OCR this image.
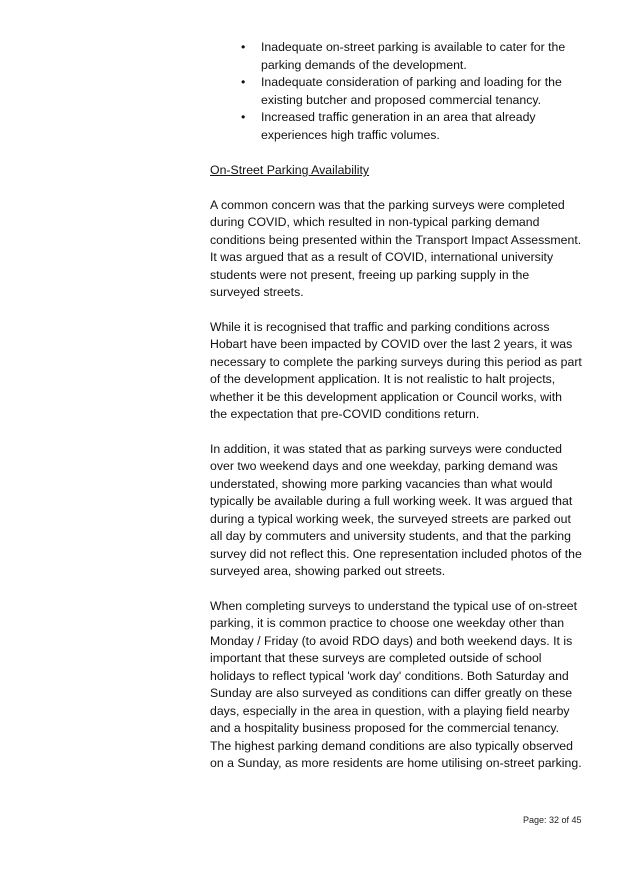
• Inadequate on-street parking is available to cater for the parking demands of the development.
• Inadequate consideration of parking and loading for the existing butcher and proposed commercial tenancy.
• Increased traffic generation in an area that already experiences high traffic volumes.
On-Street Parking Availability

A common concern was that the parking surveys were completed during COVID, which resulted in non-typical parking demand conditions being presented within the Transport Impact Assessment. It was argued that as a result of COVID, international university students were not present, freeing up parking supply in the surveyed streets.

While it is recognised that traffic and parking conditions across Hobart have been impacted by COVID over the last 2 years, it was necessary to complete the parking surveys during this period as part of the development application. It is not realistic to halt projects, whether it be this development application or Council works, with the expectation that pre-COVID conditions return.

In addition, it was stated that as parking surveys were conducted over two weekend days and one weekday, parking demand was understated, showing more parking vacancies than what would typically be available during a full working week. It was argued that during a typical working week, the surveyed streets are parked out all day by commuters and university students, and that the parking survey did not reflect this. One representation included photos of the surveyed area, showing parked out streets.

When completing surveys to understand the typical use of on-street parking, it is common practice to choose one weekday other than Monday / Friday (to avoid RDO days) and both weekend days. It is important that these surveys are completed outside of school holidays to reflect typical 'work day' conditions. Both Saturday and Sunday are also surveyed as conditions can differ greatly on these days, especially in the area in question, with a playing field nearby and a hospitality business proposed for the commercial tenancy. The highest parking demand conditions are also typically observed on a Sunday, as more residents are home utilising on-street parking.

Page: 32 of 45
